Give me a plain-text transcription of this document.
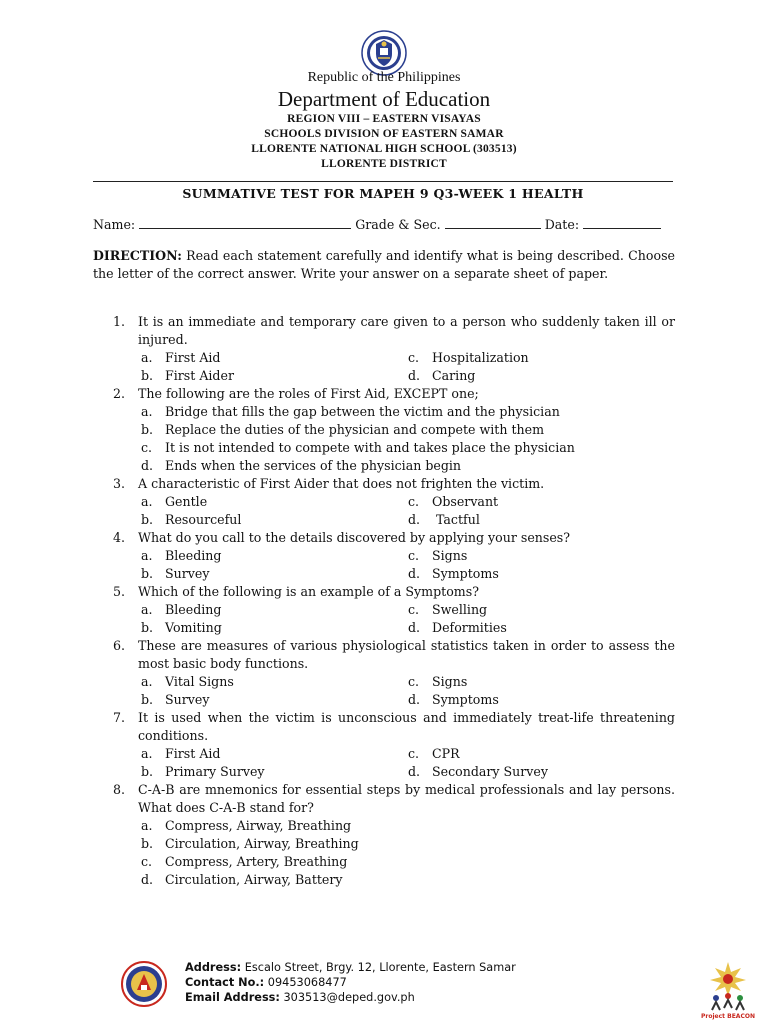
Republic of the Philippines
Department of Education
REGION VIII – EASTERN VISAYAS
SCHOOLS DIVISION OF EASTERN SAMAR
LLORENTE NATIONAL HIGH SCHOOL (303513)
LLORENTE DISTRICT
SUMMATIVE TEST FOR MAPEH 9 Q3-WEEK 1 HEALTH
Name:	Grade & Sec.	Date:
DIRECTION: Read each statement carefully and identify what is being described. Choose the letter of the correct answer. Write your answer on a separate sheet of paper.
1. It is an immediate and temporary care given to a person who suddenly taken ill or injured.
a. First Aid	c.	Hospitalization
b. First Aider	d. Caring
2. The following are the roles of First Aid, EXCEPT one;
a. Bridge that fills the gap between the victim and the physician
b. Replace the duties of the physician and compete with them
c.	It is not intended to compete with and takes place the physician
d. Ends when the services of the physician begin
3. A characteristic of First Aider that does not frighten the victim.
a. Gentle	c.	Observant
b. Resourceful	d. Tactful
4. What do you call to the details discovered by applying your senses?
a. Bleeding	c.	Signs
b. Survey	d. Symptoms
5. Which of the following is an example of a Symptoms?
a. Bleeding	c.	Swelling
b. Vomiting	d. Deformities
6. These are measures of various physiological statistics taken in order to assess the most basic body functions.
a. Vital Signs	c.	Signs
b. Survey	d. Symptoms
7. It is used when the victim is unconscious and immediately treat-life threatening conditions.
a. First Aid	c.	CPR
b. Primary Survey	d. Secondary Survey
8. C-A-B are mnemonics for essential steps by medical professionals and lay persons. What does C-A-B stand for?
a. Compress, Airway, Breathing
b. Circulation, Airway, Breathing
c.	Compress, Artery, Breathing
d. Circulation, Airway, Battery
Address: Escalo Street, Brgy. 12, Llorente, Eastern Samar
Contact No.: 09453068477
Email Address: 303513@deped.gov.ph
Project BEACON
